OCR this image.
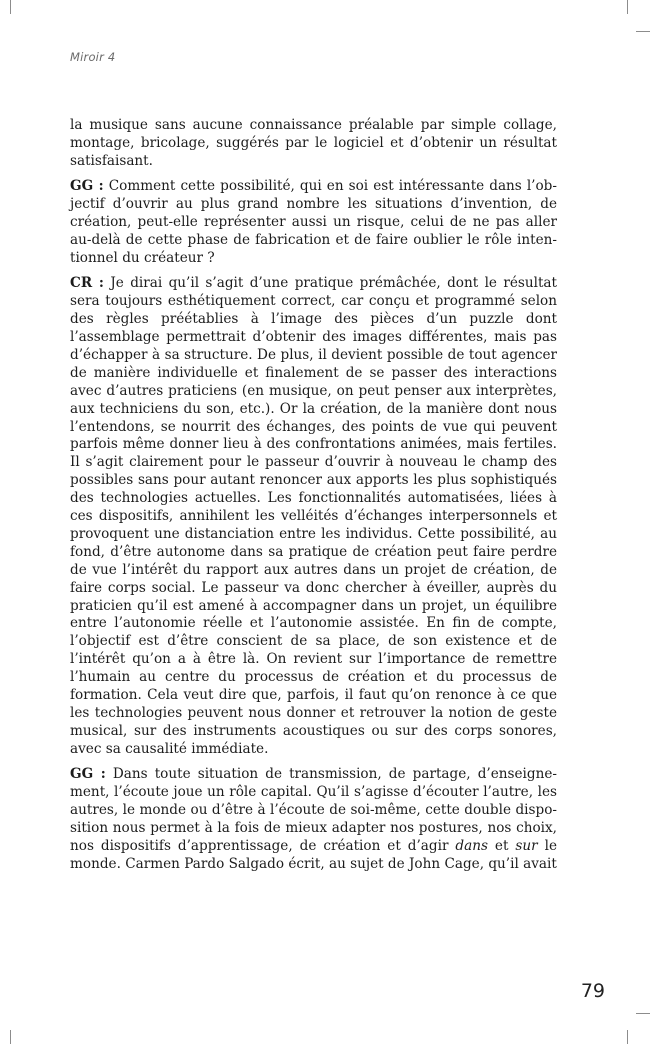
Miroir 4

la musique sans aucune connaissance préalable par simple collage, montage, bricolage, suggérés par le logiciel et d’obtenir un résultat satisfaisant.

GG : Comment cette possibilité, qui en soi est intéressante dans l’objectif d’ouvrir au plus grand nombre les situations d’invention, de création, peut-elle représenter aussi un risque, celui de ne pas aller au-delà de cette phase de fabrication et de faire oublier le rôle intentionnel du créateur ?

CR : Je dirai qu’il s’agit d’une pratique prémâchée, dont le résultat sera toujours esthétiquement correct, car conçu et programmé selon des règles préétablies à l’image des pièces d’un puzzle dont l’assemblage permettrait d’obtenir des images différentes, mais pas d’échapper à sa structure. De plus, il devient possible de tout agencer de manière individuelle et finalement de se passer des interactions avec d’autres praticiens (en musique, on peut penser aux interprètes, aux techniciens du son, etc.). Or la création, de la manière dont nous l’entendons, se nourrit des échanges, des points de vue qui peuvent parfois même donner lieu à des confrontations animées, mais fertiles. Il s’agit clairement pour le passeur d’ouvrir à nouveau le champ des possibles sans pour autant renoncer aux apports les plus sophistiqués des technologies actuelles. Les fonctionnalités automatisées, liées à ces dispositifs, annihilent les velléités d’échanges interpersonnels et provoquent une distanciation entre les individus. Cette possibilité, au fond, d’être autonome dans sa pratique de création peut faire perdre de vue l’intérêt du rapport aux autres dans un projet de création, de faire corps social. Le passeur va donc chercher à éveiller, auprès du praticien qu’il est amené à accompagner dans un projet, un équilibre entre l’autonomie réelle et l’autonomie assistée. En fin de compte, l’objectif est d’être conscient de sa place, de son existence et de l’intérêt qu’on a à être là. On revient sur l’importance de remettre l’humain au centre du processus de création et du processus de formation. Cela veut dire que, parfois, il faut qu’on renonce à ce que les technologies peuvent nous donner et retrouver la notion de geste musical, sur des instruments acoustiques ou sur des corps sonores, avec sa causalité immédiate.

GG : Dans toute situation de transmission, de partage, d’enseignement, l’écoute joue un rôle capital. Qu’il s’agisse d’écouter l’autre, les autres, le monde ou d’être à l’écoute de soi-même, cette double disposition nous permet à la fois de mieux adapter nos postures, nos choix, nos dispositifs d’apprentissage, de création et d’agir dans et sur le monde. Carmen Pardo Salgado écrit, au sujet de John Cage, qu’il avait

79
